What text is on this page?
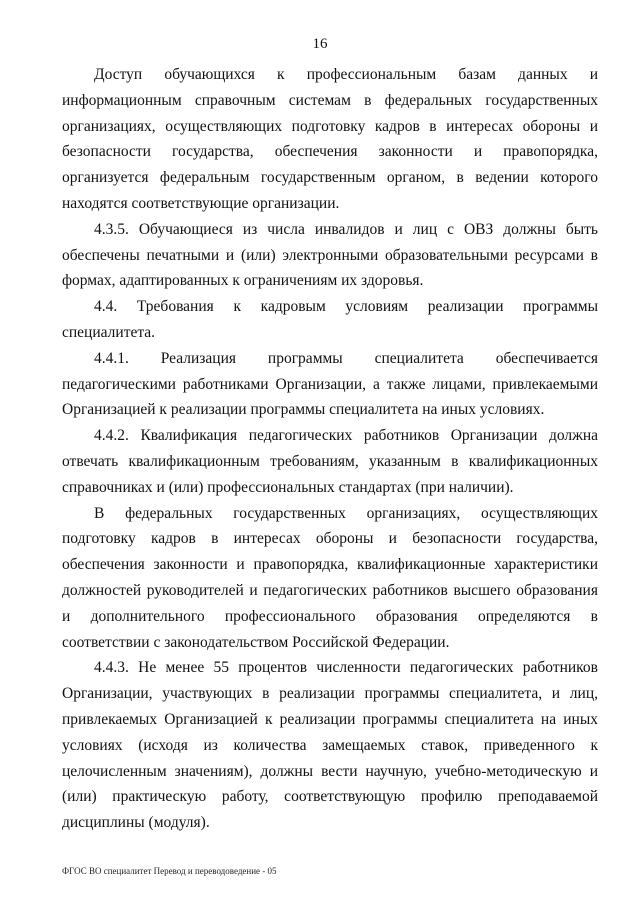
16

Доступ обучающихся к профессиональным базам данных и информационным справочным системам в федеральных государственных организациях, осуществляющих подготовку кадров в интересах обороны и безопасности государства, обеспечения законности и правопорядка, организуется федеральным государственным органом, в ведении которого находятся соответствующие организации.

4.3.5. Обучающиеся из числа инвалидов и лиц с ОВЗ должны быть обеспечены печатными и (или) электронными образовательными ресурсами в формах, адаптированных к ограничениям их здоровья.

4.4. Требования к кадровым условиям реализации программы специалитета.

4.4.1. Реализация программы специалитета обеспечивается педагогическими работниками Организации, а также лицами, привлекаемыми Организацией к реализации программы специалитета на иных условиях.

4.4.2. Квалификация педагогических работников Организации должна отвечать квалификационным требованиям, указанным в квалификационных справочниках и (или) профессиональных стандартах (при наличии).

В федеральных государственных организациях, осуществляющих подготовку кадров в интересах обороны и безопасности государства, обеспечения законности и правопорядка, квалификационные характеристики должностей руководителей и педагогических работников высшего образования и дополнительного профессионального образования определяются в соответствии с законодательством Российской Федерации.

4.4.3. Не менее 55 процентов численности педагогических работников Организации, участвующих в реализации программы специалитета, и лиц, привлекаемых Организацией к реализации программы специалитета на иных условиях (исходя из количества замещаемых ставок, приведенного к целочисленным значениям), должны вести научную, учебно-методическую и (или) практическую работу, соответствующую профилю преподаваемой дисциплины (модуля).

ФГОС ВО специалитет Перевод и переводоведение - 05
